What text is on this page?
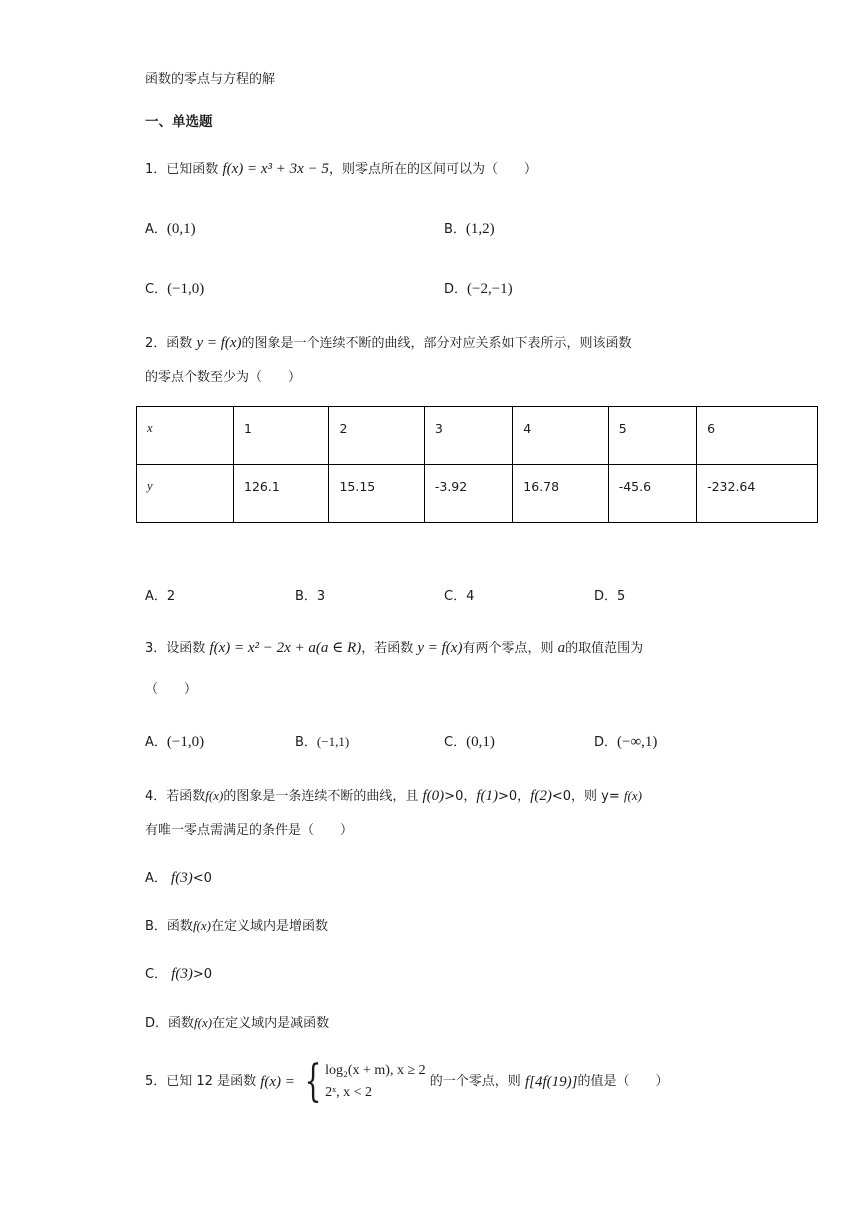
函数的零点与方程的解
一、单选题
1．已知函数 f(x) = x³ + 3x − 5，则零点所在的区间可以为（　　）
A．(0,1)	B．(1,2)
C．(−1,0)	D．(−2,−1)
2．函数 y = f(x)的图象是一个连续不断的曲线，部分对应关系如下表所示，则该函数
的零点个数至少为（　　）
x	1	2	3	4	5	6
y	126.1	15.15	-3.92	16.78	-45.6	-232.64
A．2	B．3	C．4	D．5
3．设函数 f(x) = x² − 2x + a(a ∈ R)，若函数 y = f(x)有两个零点，则 a的取值范围为
（　　）
A．(−1,0)	B．(−1,1)	C．(0,1)	D．(−∞,1)
4．若函数f(x)的图象是一条连续不断的曲线，且 f(0)>0，f(1)>0，f(2)<0，则 y= f(x)
有唯一零点需满足的条件是（　　）
A． f(3)<0
B．函数f(x)在定义域内是增函数
C． f(3)>0
D．函数f(x)在定义域内是减函数
5．已知 12 是函数 f(x) = { log₂(x + m), x ≥ 2
2ˣ, x < 2
的一个零点，则 f[4f(19)]的值是（　　）
